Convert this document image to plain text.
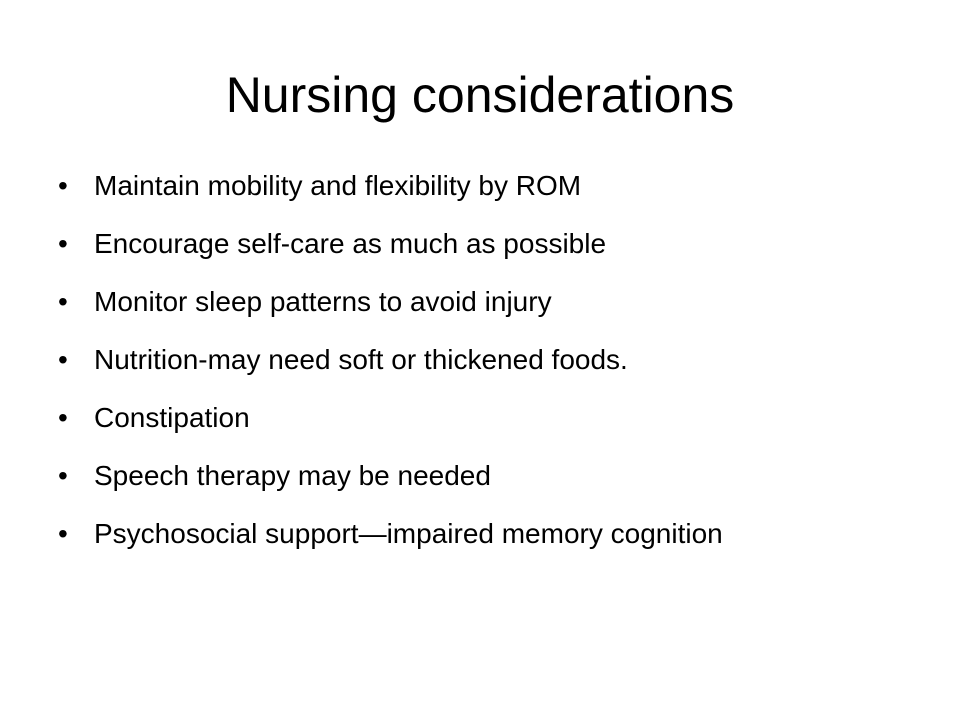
Nursing considerations
• Maintain mobility and flexibility by ROM
• Encourage self-care as much as possible
• Monitor sleep patterns to avoid injury
• Nutrition-may need soft or thickened foods.
• Constipation
• Speech therapy may be needed
• Psychosocial support—impaired memory cognition
